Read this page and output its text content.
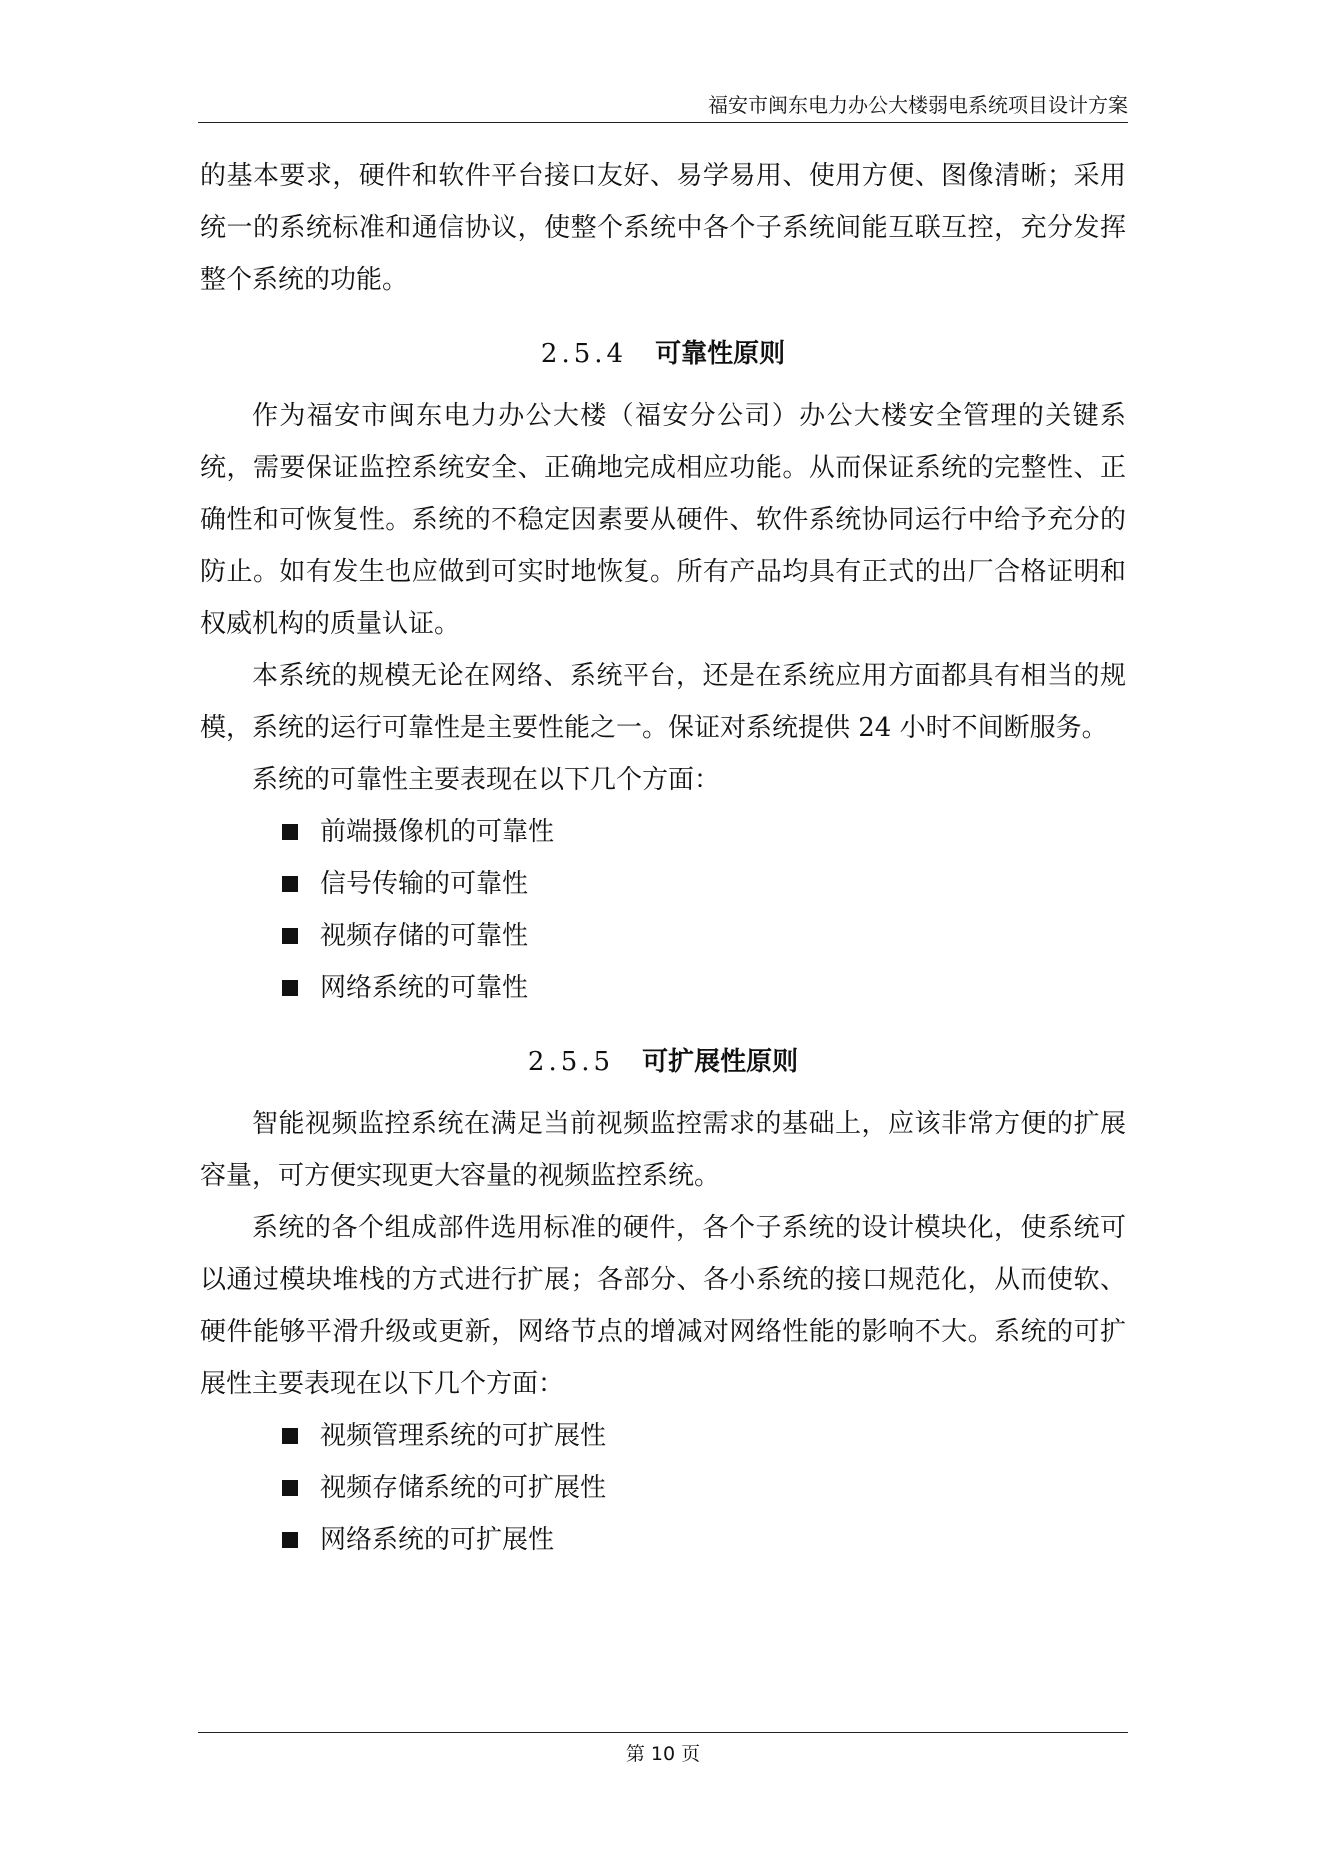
福安市闽东电力办公大楼弱电系统项目设计方案

的基本要求，硬件和软件平台接口友好、易学易用、使用方便、图像清晰；采用统一的系统标准和通信协议，使整个系统中各个子系统间能互联互控，充分发挥整个系统的功能。

2.5.4 可靠性原则

作为福安市闽东电力办公大楼（福安分公司）办公大楼安全管理的关键系统，需要保证监控系统安全、正确地完成相应功能。从而保证系统的完整性、正确性和可恢复性。系统的不稳定因素要从硬件、软件系统协同运行中给予充分的防止。如有发生也应做到可实时地恢复。所有产品均具有正式的出厂合格证明和权威机构的质量认证。

本系统的规模无论在网络、系统平台，还是在系统应用方面都具有相当的规模，系统的运行可靠性是主要性能之一。保证对系统提供 24 小时不间断服务。

系统的可靠性主要表现在以下几个方面：

前端摄像机的可靠性
信号传输的可靠性
视频存储的可靠性
网络系统的可靠性
2.5.5 可扩展性原则

智能视频监控系统在满足当前视频监控需求的基础上，应该非常方便的扩展容量，可方便实现更大容量的视频监控系统。

系统的各个组成部件选用标准的硬件，各个子系统的设计模块化，使系统可以通过模块堆栈的方式进行扩展；各部分、各小系统的接口规范化，从而使软、硬件能够平滑升级或更新，网络节点的增减对网络性能的影响不大。系统的可扩展性主要表现在以下几个方面：

视频管理系统的可扩展性
视频存储系统的可扩展性
网络系统的可扩展性
第 10 页
